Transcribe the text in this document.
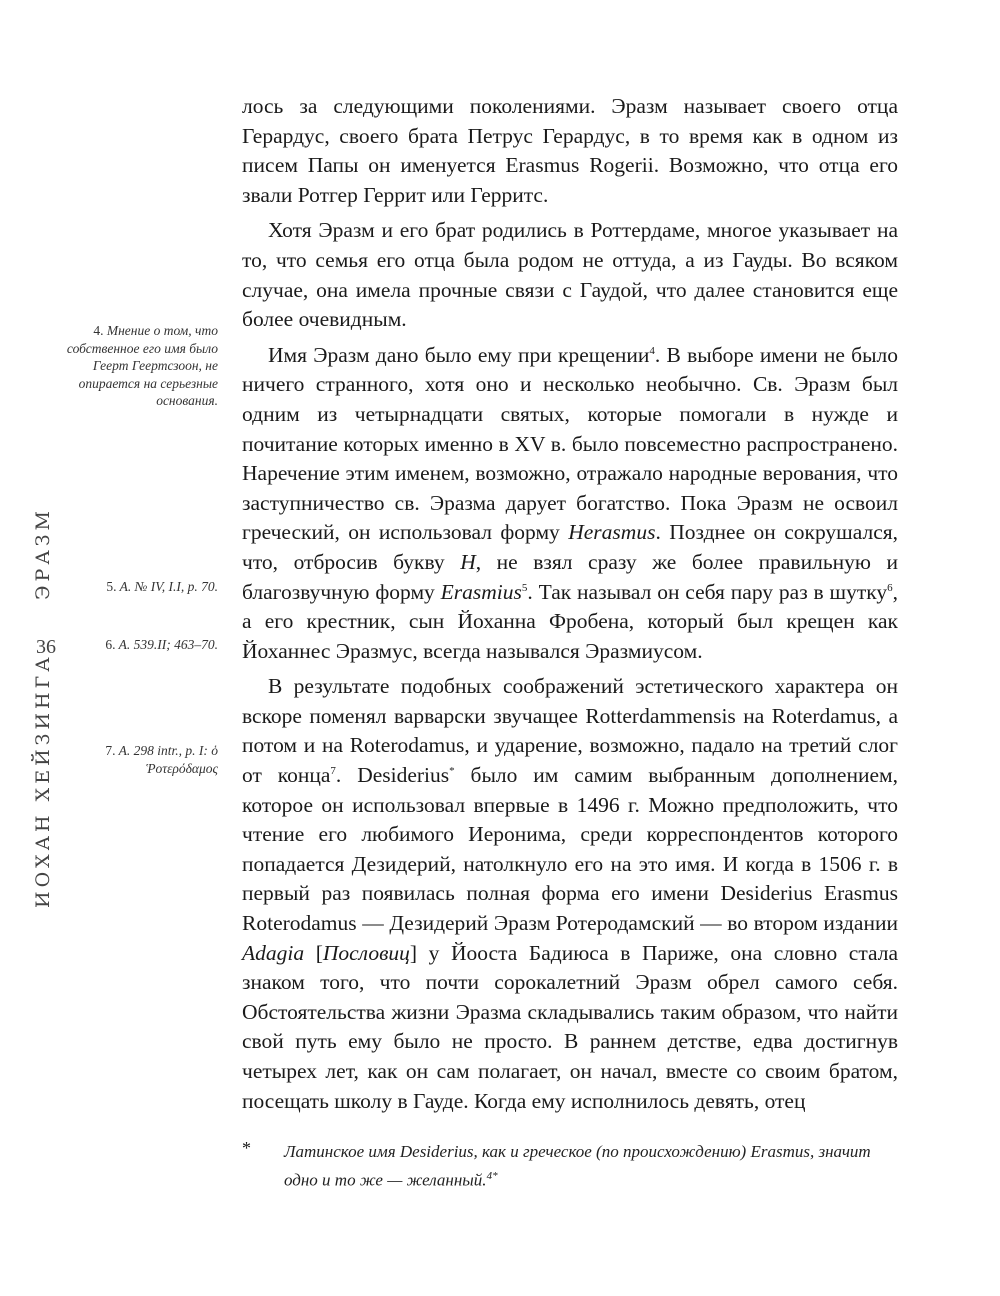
ИОХАН ХЕЙЗИНГА
ЭРАЗМ
36

лось за следующими поколениями. Эразм называет своего отца Герардус, своего брата Петрус Герардус, в то время как в одном из писем Папы он именуется Erasmus Rogerii. Возможно, что отца его звали Ротгер Геррит или Герритс.

Хотя Эразм и его брат родились в Роттердаме, многое указывает на то, что семья его отца была родом не оттуда, а из Гауды. Во всяком случае, она имела прочные связи с Гаудой, что далее становится еще более очевидным.

Имя Эразм дано было ему при крещении$^4$. В выборе имени не было ничего странного, хотя оно и несколько необычно. Св. Эразм был одним из четырнадцати святых, которые помогали в нужде и почитание которых именно в XV в. было повсеместно распространено. Наречение этим именем, возможно, отражало народные верования, что заступничество св. Эразма дарует богатство. Пока Эразм не освоил греческий, он использовал форму Herasmus. Позднее он сокрушался, что, отбросив букву H, не взял сразу же более правильную и благозвучную форму Erasmius$^5$. Так называл он себя пару раз в шутку$^6$, а его крестник, сын Йоханна Фробена, который был крещен как Йоханнес Эразмус, всегда назывался Эразмиусом.

В результате подобных соображений эстетического характера он вскоре поменял варварски звучащее Rotterdammensis на Roterdamus, а потом и на Roterodamus, и ударение, возможно, падало на третий слог от конца$^7$. Desiderius* было им самим выбранным дополнением, которое он использовал впервые в 1496 г. Можно предположить, что чтение его любимого Иеронима, среди корреспондентов которого попадается Дезидерий, натолкнуло его на это имя. И когда в 1506 г. в первый раз появилась полная форма его имени Desiderius Erasmus Roterodamus — Дезидерий Эразм Ротеродамский — во втором издании Adagia [Пословиц] у Йооста Бадиюса в Париже, она словно стала знаком того, что почти сорокалетний Эразм обрел самого себя. Обстоятельства жизни Эразма складывались таким образом, что найти свой путь ему было не просто. В раннем детстве, едва достигнув четырех лет, как он сам полагает, он начал, вместе со своим братом, посещать школу в Гауде. Когда ему исполнилось девять, отец

4. Мнение о том, что собственное его имя было Геерт Геертсзоон, не опирается на серьезные основания.
5. A. № IV, I.I, p. 70.
6. A. 539.II; 463–70.
7. A. 298 intr., p. I: ὁ Ῥοτερόδαμος
* Латинское имя Desiderius, как и греческое (по происхождению) Erasmus, значит одно и то же — желанный.$^{4*}$
